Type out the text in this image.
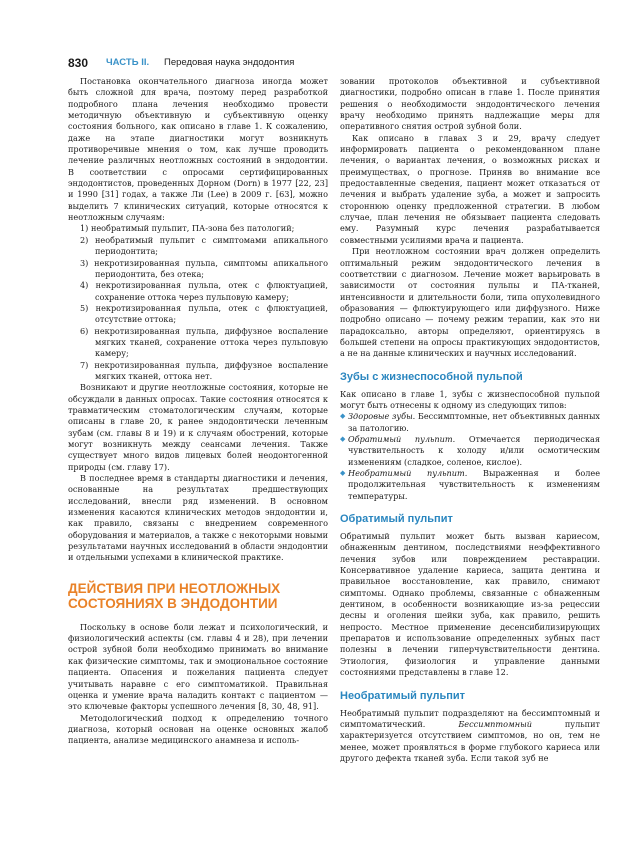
830 ЧАСТЬ II. Передовая наука эндодонтия

Постановка окончательного диагноза иногда может быть сложной для врача, поэтому перед разработкой подробного плана лечения необходимо провести методичную объективную и субъективную оценку состояния больного, как описано в главе 1. К сожалению, даже на этапе диагностики могут возникнуть противоречивые мнения о том, как лучше проводить лечение различных неотложных состояний в эндодонтии. В соответствии с опросами сертифицированных эндодонтистов, проведенных Дорном (Dorn) в 1977 [22, 23] и 1990 [31] годах, а также Ли (Lee) в 2009 г. [63], можно выделить 7 клинических ситуаций, которые относятся к неотложным случаям:

1) необратимый пульпит, ПА-зона без патологий;
2) необратимый пульпит с симптомами апикального периодонтита;
3) некротизированная пульпа, симптомы апикального периодонтита, без отека;
4) некротизированная пульпа, отек с флюктуацией, сохранение оттока через пульповую камеру;
5) некротизированная пульпа, отек с флюктуацией, отсутствие оттока;
6) некротизированная пульпа, диффузное воспаление мягких тканей, сохранение оттока через пульповую камеру;
7) некротизированная пульпа, диффузное воспаление мягких тканей, оттока нет.

Возникают и другие неотложные состояния, которые не обсуждали в данных опросах. Такие состояния относятся к травматическим стоматологическим случаям, которые описаны в главе 20, к ранее эндодонтически леченным зубам (см. главы 8 и 19) и к случаям обострений, которые могут возникнуть между сеансами лечения. Также существует много видов лицевых болей неодонтогенной природы (см. главу 17).

В последнее время в стандарты диагностики и лечения, основанные на результатах предшествующих исследований, внесли ряд изменений. В основном изменения касаются клинических методов эндодонтии и, как правило, связаны с внедрением современного оборудования и материалов, а также с некоторыми новыми результатами научных исследований в области эндодонтии и отдельными успехами в клинической практике.

ДЕЙСТВИЯ ПРИ НЕОТЛОЖНЫХ СОСТОЯНИЯХ В ЭНДОДОНТИИ

Поскольку в основе боли лежат и психологический, и физиологический аспекты (см. главы 4 и 28), при лечении острой зубной боли необходимо принимать во внимание как физические симптомы, так и эмоциональное состояние пациента. Опасения и пожелания пациента следует учитывать наравне с его симптоматикой. Правильная оценка и умение врача наладить контакт с пациентом — это ключевые факторы успешного лечения [8, 30, 48, 91].

Методологический подход к определению точного диагноза, который основан на оценке основных жалоб пациента, анализе медицинского анамнеза и исполь-

зовании протоколов объективной и субъективной диагностики, подробно описан в главе 1. После принятия решения о необходимости эндодонтического лечения врачу необходимо принять надлежащие меры для оперативного снятия острой зубной боли.

Как описано в главах 3 и 29, врачу следует информировать пациента о рекомендованном плане лечения, о вариантах лечения, о возможных рисках и преимуществах, о прогнозе. Приняв во внимание все предоставленные сведения, пациент может отказаться от лечения и выбрать удаление зуба, а может и запросить стороннюю оценку предложенной стратегии. В любом случае, план лечения не обязывает пациента следовать ему. Разумный курс лечения разрабатывается совместными усилиями врача и пациента.

При неотложном состоянии врач должен определить оптимальный режим эндодонтического лечения в соответствии с диагнозом. Лечение может варьировать в зависимости от состояния пульпы и ПА-тканей, интенсивности и длительности боли, типа опухолевидного образования — флюктуирующего или диффузного. Ниже подробно описано — почему режим терапии, как это ни парадоксально, авторы определяют, ориентируясь в большей степени на опросы практикующих эндодонтистов, а не на данные клинических и научных исследований.

Зубы с жизнеспособной пульпой

Как описано в главе 1, зубы с жизнеспособной пульпой могут быть отнесены к одному из следующих типов:

◆ Здоровые зубы. Бессимптомные, нет объективных данных за патологию.
◆ Обратимый пульпит. Отмечается периодическая чувствительность к холоду и/или осмотическим изменениям (сладкое, соленое, кислое).
◆ Необратимый пульпит. Выраженная и более продолжительная чувствительность к изменениям температуры.
Обратимый пульпит

Обратимый пульпит может быть вызван кариесом, обнаженным дентином, последствиями неэффективного лечения зубов или повреждением реставрации. Консервативное удаление кариеса, защита дентина и правильное восстановление, как правило, снимают симптомы. Однако проблемы, связанные с обнаженным дентином, в особенности возникающие из-за рецессии десны и оголения шейки зуба, как правило, решить непросто. Местное применение десенсибилизирующих препаратов и использование определенных зубных паст полезны в лечении гиперчувствительности дентина. Этиология, физиология и управление данными состояниями представлены в главе 12.

Необратимый пульпит

Необратимый пульпит подразделяют на бессимптомный и симптоматический.	Бессимптомный	пульпит характеризуется отсутствием симптомов, но он, тем не менее, может проявляться в форме глубокого кариеса или другого дефекта тканей зуба. Если такой зуб не
